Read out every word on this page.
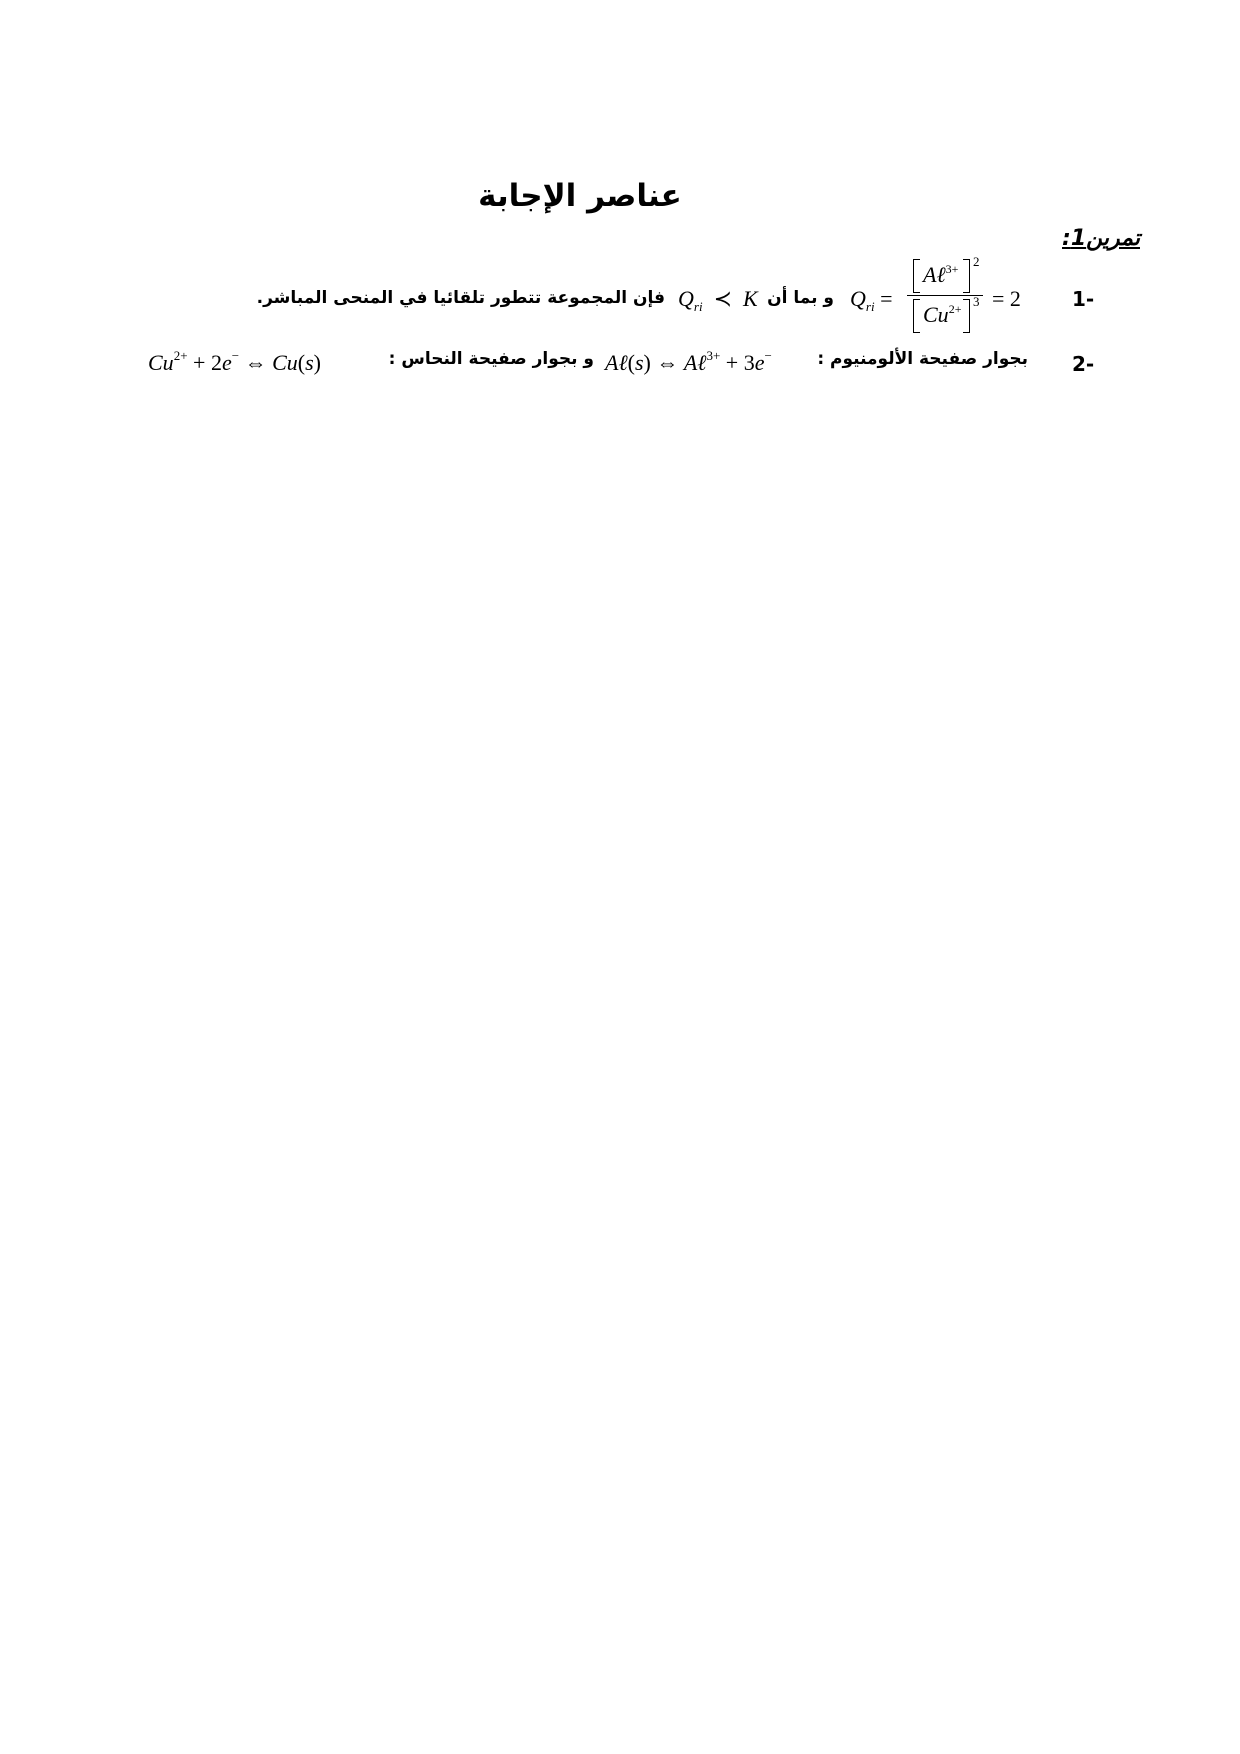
عناصر الإجابة
تمرين1:
1-
$Q_{ri}$ =
Aℓ$^{3+}$ 2
$Cu^{2+}$ 3 = 2
و بما أن
$Q_{ri}$  ≺  K
فإن المجموعة تتطور تلقائيا في المنحى المباشر.
2-
بجوار صفيحة الألومنيوم :
Aℓ(s) ⇔ Aℓ$^{3+}$ + 3e−
و بجوار صفيحة النحاس :
$Cu^{2+} + 2e^-$ ⇔ Cu(s)
